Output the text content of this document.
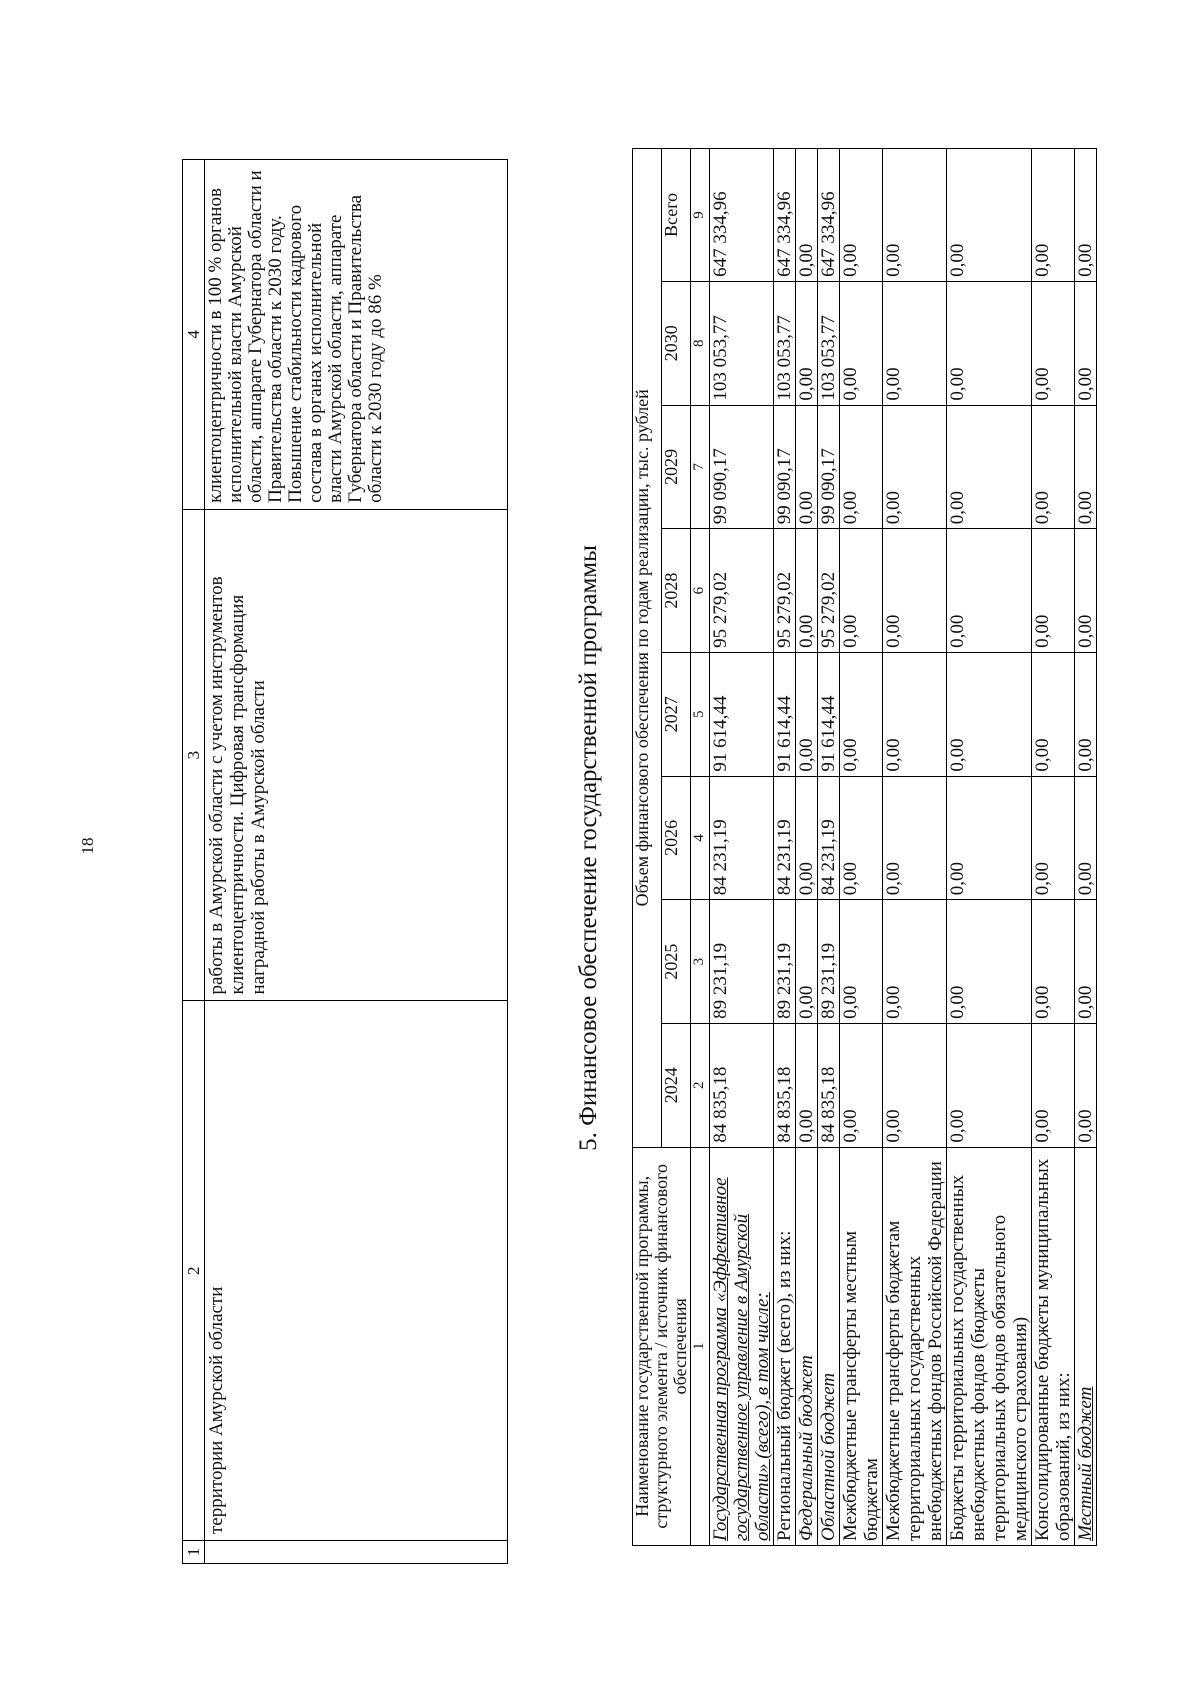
18
1	2	3	4
	территории Амурской области	работы в Амурской области с учетом инструментов клиентоцентричности. Цифровая трансформация наградной работы в Амурской области	клиентоцентричности в 100 % органов исполнительной власти Амурской области, аппарате Губернатора области и Правительства области к 2030 году. Повышение стабильности кадрового состава в органах исполнительной власти Амурской области, аппарате Губернатора области и Правительства области к 2030 году до 86 %
5. Финансовое обеспечение государственной программы
Наименование государственной программы, структурного элемента / источник финансового обеспечения	Объем финансового обеспечения по годам реализации, тыс. рублей							
	2024	2025	2026	2027	2028	2029	2030	Всего
1	2	3	4	5	6	7	8	9
Государственная программа «Эффективное государственное управление в Амурской области» (всего), в том числе:	84 835,18	89 231,19	84 231,19	91 614,44	95 279,02	99 090,17	103 053,77	647 334,96
Региональный бюджет (всего), из них:	84 835,18	89 231,19	84 231,19	91 614,44	95 279,02	99 090,17	103 053,77	647 334,96
Федеральный бюджет	0,00	0,00	0,00	0,00	0,00	0,00	0,00	0,00
Областной бюджет	84 835,18	89 231,19	84 231,19	91 614,44	95 279,02	99 090,17	103 053,77	647 334,96
Межбюджетные трансферты местным бюджетам	0,00	0,00	0,00	0,00	0,00	0,00	0,00	0,00
Межбюджетные трансферты бюджетам территориальных государственных внебюджетных фондов Российской Федерации	0,00	0,00	0,00	0,00	0,00	0,00	0,00	0,00
Бюджеты территориальных государственных внебюджетных фондов (бюджеты территориальных фондов обязательного медицинского страхования)	0,00	0,00	0,00	0,00	0,00	0,00	0,00	0,00
Консолидированные бюджеты муниципальных образований, из них:	0,00	0,00	0,00	0,00	0,00	0,00	0,00	0,00
Местный бюджет	0,00	0,00	0,00	0,00	0,00	0,00	0,00	0,00
